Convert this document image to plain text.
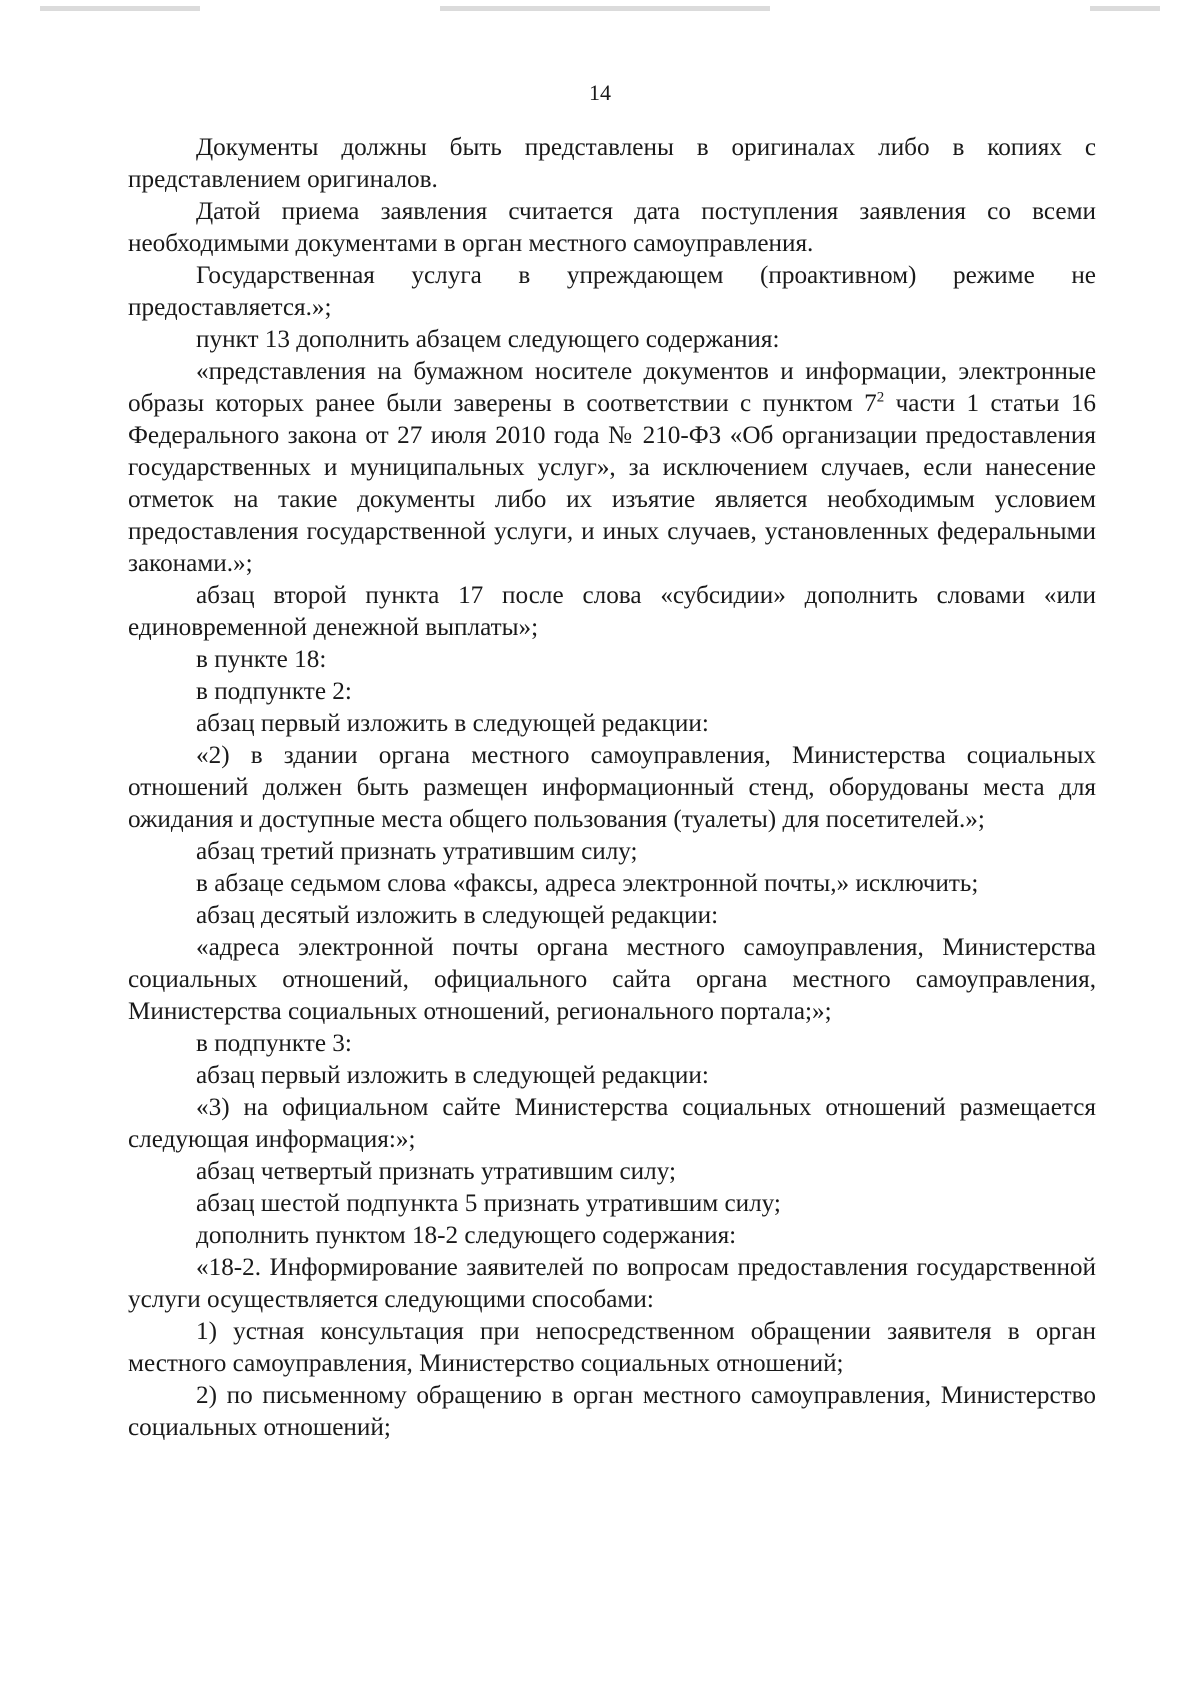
14

Документы должны быть представлены в оригиналах либо в копиях с представлением оригиналов.

Датой приема заявления считается дата поступления заявления со всеми необходимыми документами в орган местного самоуправления.

Государственная услуга в упреждающем (проактивном) режиме не предоставляется.»;

пункт 13 дополнить абзацем следующего содержания:

«представления на бумажном носителе документов и информации, электронные образы которых ранее были заверены в соответствии с пунктом $7^2$ части 1 статьи 16 Федерального закона от 27 июля 2010 года № 210-ФЗ «Об организации предоставления государственных и муниципальных услуг», за исключением случаев, если нанесение отметок на такие документы либо их изъятие является необходимым условием предоставления государственной услуги, и иных случаев, установленных федеральными законами.»;

абзац второй пункта 17 после слова «субсидии» дополнить словами «или единовременной денежной выплаты»;

в пункте 18:

в подпункте 2:

абзац первый изложить в следующей редакции:

«2) в здании органа местного самоуправления, Министерства социальных отношений должен быть размещен информационный стенд, оборудованы места для ожидания и доступные места общего пользования (туалеты) для посетителей.»;

абзац третий признать утратившим силу;

в абзаце седьмом слова «факсы, адреса электронной почты,» исключить;

абзац десятый изложить в следующей редакции:

«адреса электронной почты органа местного самоуправления, Министерства социальных отношений, официального сайта органа местного самоуправления, Министерства социальных отношений, регионального портала;»;

в подпункте 3:

абзац первый изложить в следующей редакции:

«3) на официальном сайте Министерства социальных отношений размещается следующая информация:»;

абзац четвертый признать утратившим силу;

абзац шестой подпункта 5 признать утратившим силу;

дополнить пунктом 18-2 следующего содержания:

«18-2. Информирование заявителей по вопросам предоставления государственной услуги осуществляется следующими способами:

1) устная консультация при непосредственном обращении заявителя в орган местного самоуправления, Министерство социальных отношений;

2) по письменному обращению в орган местного самоуправления, Министерство социальных отношений;
